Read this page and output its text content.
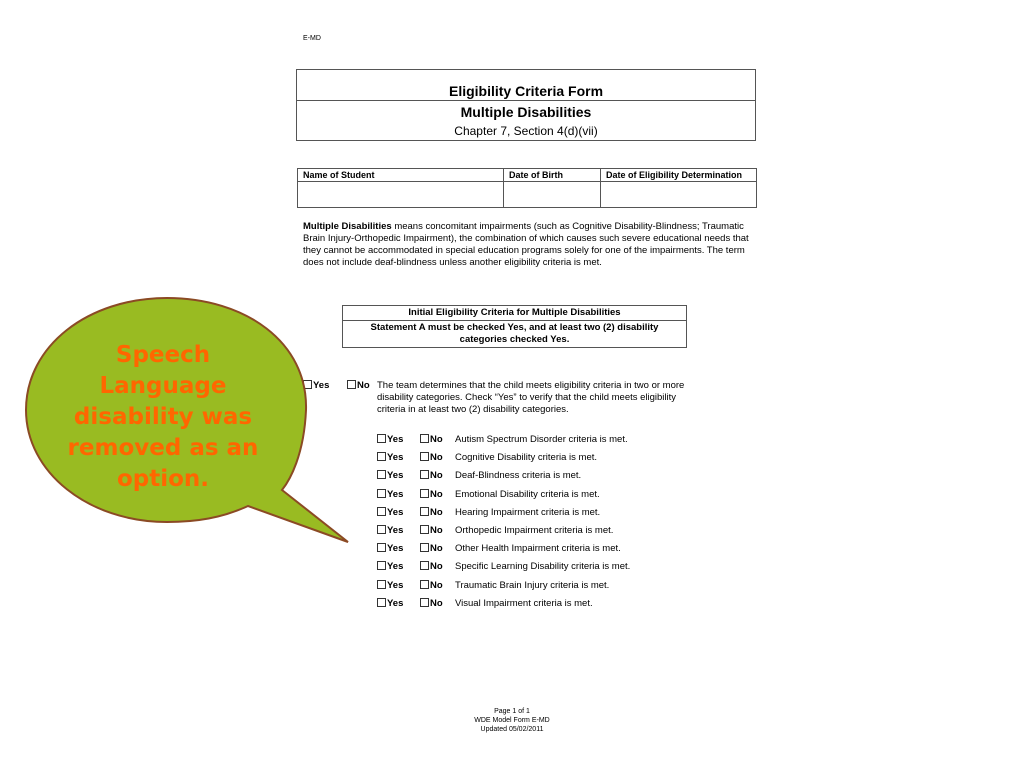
E-MD
Eligibility Criteria Form
Multiple Disabilities
Chapter 7, Section 4(d)(vii)
Name of Student	Date of Birth	Date of Eligibility Determination

Multiple Disabilities means concomitant impairments (such as Cognitive Disability-Blindness; Traumatic Brain Injury-Orthopedic Impairment), the combination of which causes such severe educational needs that they cannot be accommodated in special education programs solely for one of the impairments. The term does not include deaf-blindness unless another eligibility criteria is met.
Initial Eligibility Criteria for Multiple Disabilities
Statement A must be checked Yes, and at least two (2) disability categories checked Yes.
Yes	No The team determines that the child meets eligibility criteria in two or more disability categories. Check “Yes” to verify that the child meets eligibility criteria in at least two (2) disability categories.
Yes	No Autism Spectrum Disorder criteria is met.
Yes	No Cognitive Disability criteria is met.
Yes	No Deaf-Blindness criteria is met.
Yes	No Emotional Disability criteria is met.
Yes	No Hearing Impairment criteria is met.
Yes	No Orthopedic Impairment criteria is met.
Yes	No Other Health Impairment criteria is met.
Yes	No Specific Learning Disability criteria is met.
Yes	No Traumatic Brain Injury criteria is met.
Yes	No Visual Impairment criteria is met.
Page 1 of 1
WDE Model Form E-MD
Updated 05/02/2011
Speech Language disability was removed as an option.
